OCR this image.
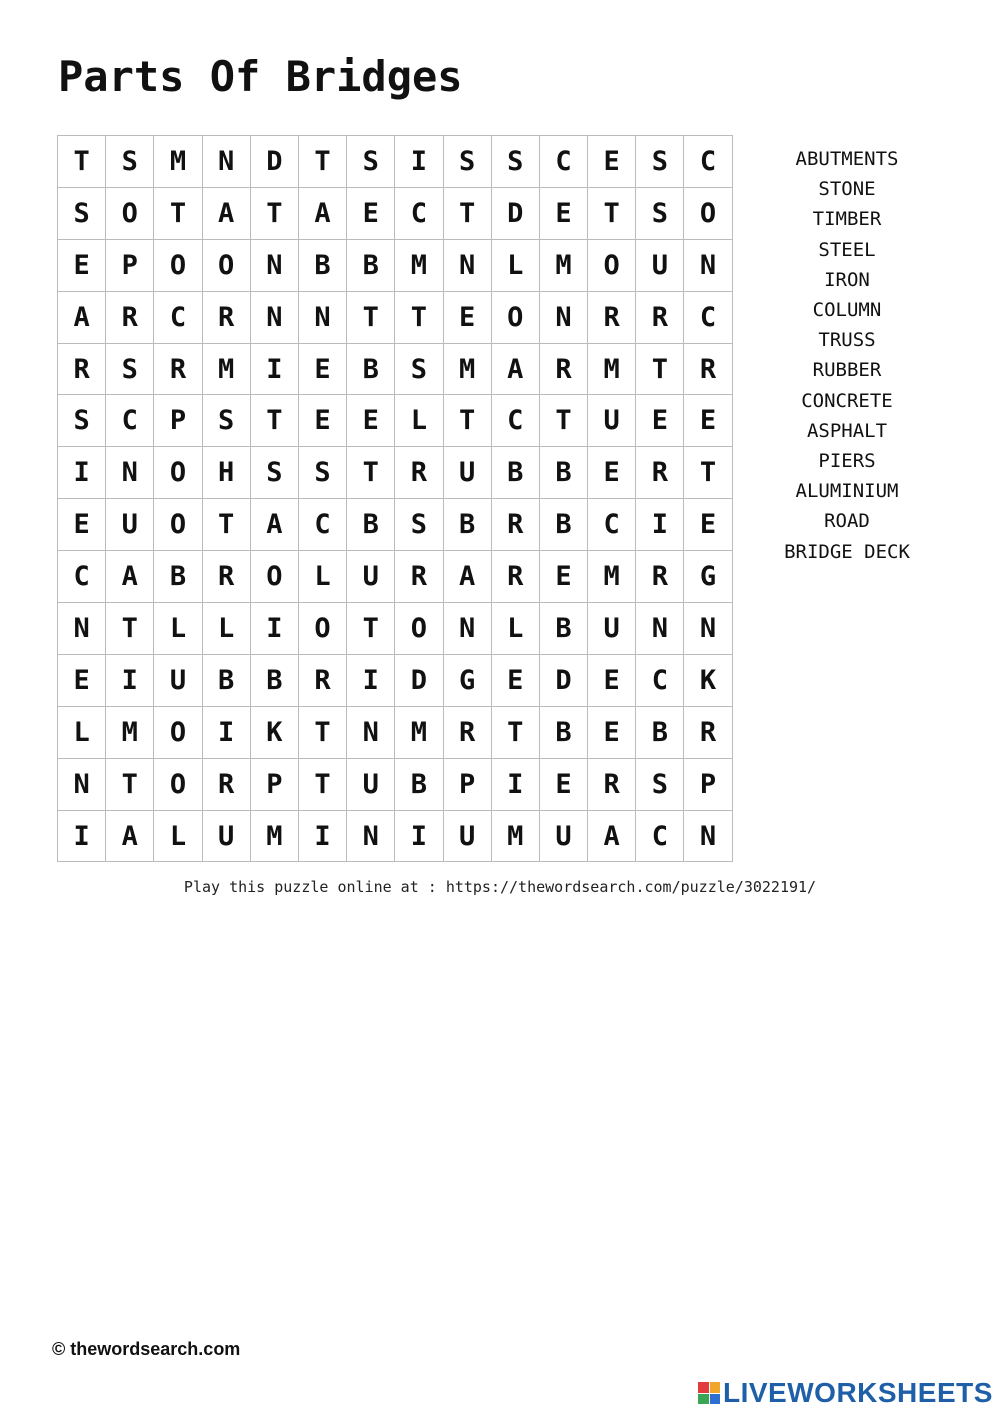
Parts Of Bridges
T	S	M	N	D	T	S	I	S	S	C	E	S	C
S	O	T	A	T	A	E	C	T	D	E	T	S	O
E	P	O	O	N	B	B	M	N	L	M	O	U	N
A	R	C	R	N	N	T	T	E	O	N	R	R	C
R	S	R	M	I	E	B	S	M	A	R	M	T	R
S	C	P	S	T	E	E	L	T	C	T	U	E	E
I	N	O	H	S	S	T	R	U	B	B	E	R	T
E	U	O	T	A	C	B	S	B	R	B	C	I	E
C	A	B	R	O	L	U	R	A	R	E	M	R	G
N	T	L	L	I	O	T	O	N	L	B	U	N	N
E	I	U	B	B	R	I	D	G	E	D	E	C	K
L	M	O	I	K	T	N	M	R	T	B	E	B	R
N	T	O	R	P	T	U	B	P	I	E	R	S	P
I	A	L	U	M	I	N	I	U	M	U	A	C	N
ABUTMENTS
STONE
TIMBER
STEEL
IRON
COLUMN
TRUSS
RUBBER
CONCRETE
ASPHALT
PIERS
ALUMINIUM
ROAD
BRIDGE DECK
Play this puzzle online at : https://thewordsearch.com/puzzle/3022191/
© thewordsearch.com
LIVEWORKSHEETS
